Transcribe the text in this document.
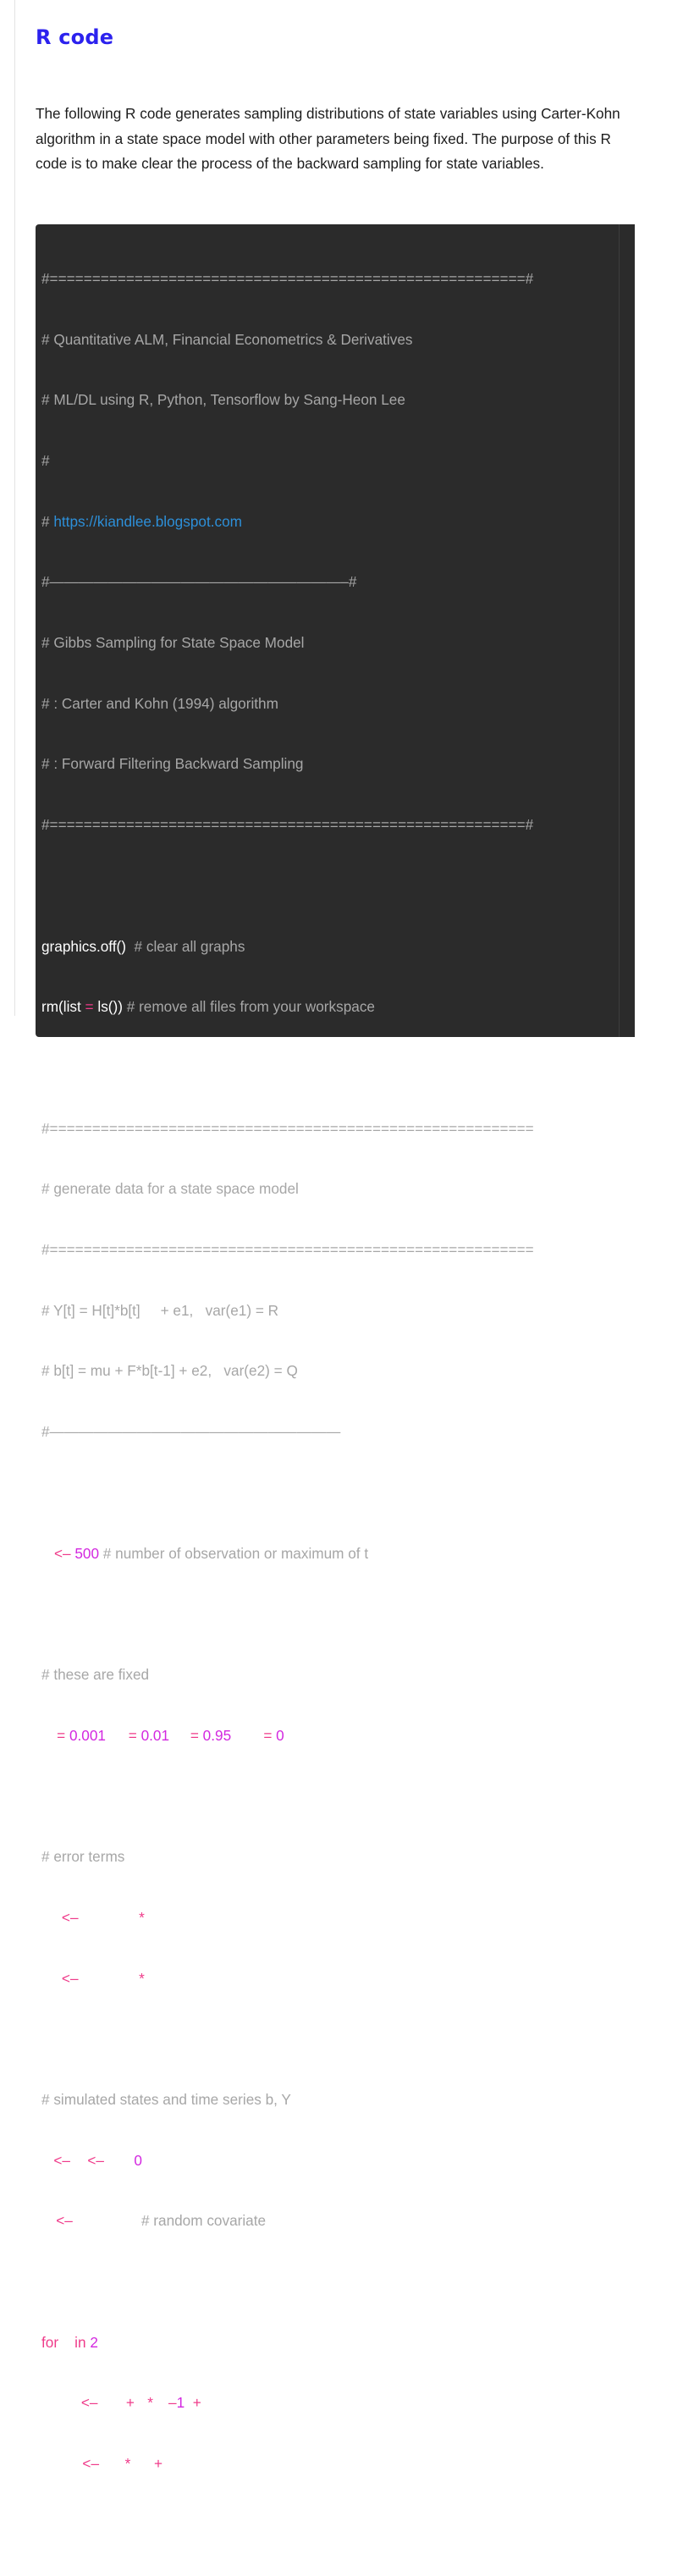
R code

The following R code generates sampling distributions of state variables using Carter-Kohn algorithm in a state space model with other parameters being fixed. The purpose of this R code is to make clear the process of the backward sampling for state variables.

#========================================================#

# Quantitative ALM, Financial Econometrics & Derivatives

# ML/DL using R, Python, Tensorflow by Sang-Heon Lee

#

# https://kiandlee.blogspot.com

#————————————————————–#

# Gibbs Sampling for State Space Model

# : Carter and Kohn (1994) algorithm

# : Forward Filtering Backward Sampling

#========================================================#

graphics.off()  # clear all graphs

rm(list = ls()) # remove all files from your workspace

#=========================================================

# generate data for a state space model

#=========================================================

# Y[t] = H[t]*b[t]     + e1,   var(e1) = R

# b[t] = mu + F*b[t-1] + e2,   var(e2) = Q

#————————————————————

T <– 500 # number of observation or maximum of t

# these are fixed

Q = 0.001; R = 0.01; F = 0.95; mu = 0;

# error terms

e1 <– rnorm(T)*sqrt(R);

e2 <– rnorm(T)*sqrt(Q);

# simulated states and time series b, Y

b <– Y <– rep(0,T);

H <– rnorm(T); # random covariate

for (j in 2:T) {

b[j] <– mu + F*b[j–1] + e2[j]

Y[j] <– H[j]*b[j] + e1[j]

}
